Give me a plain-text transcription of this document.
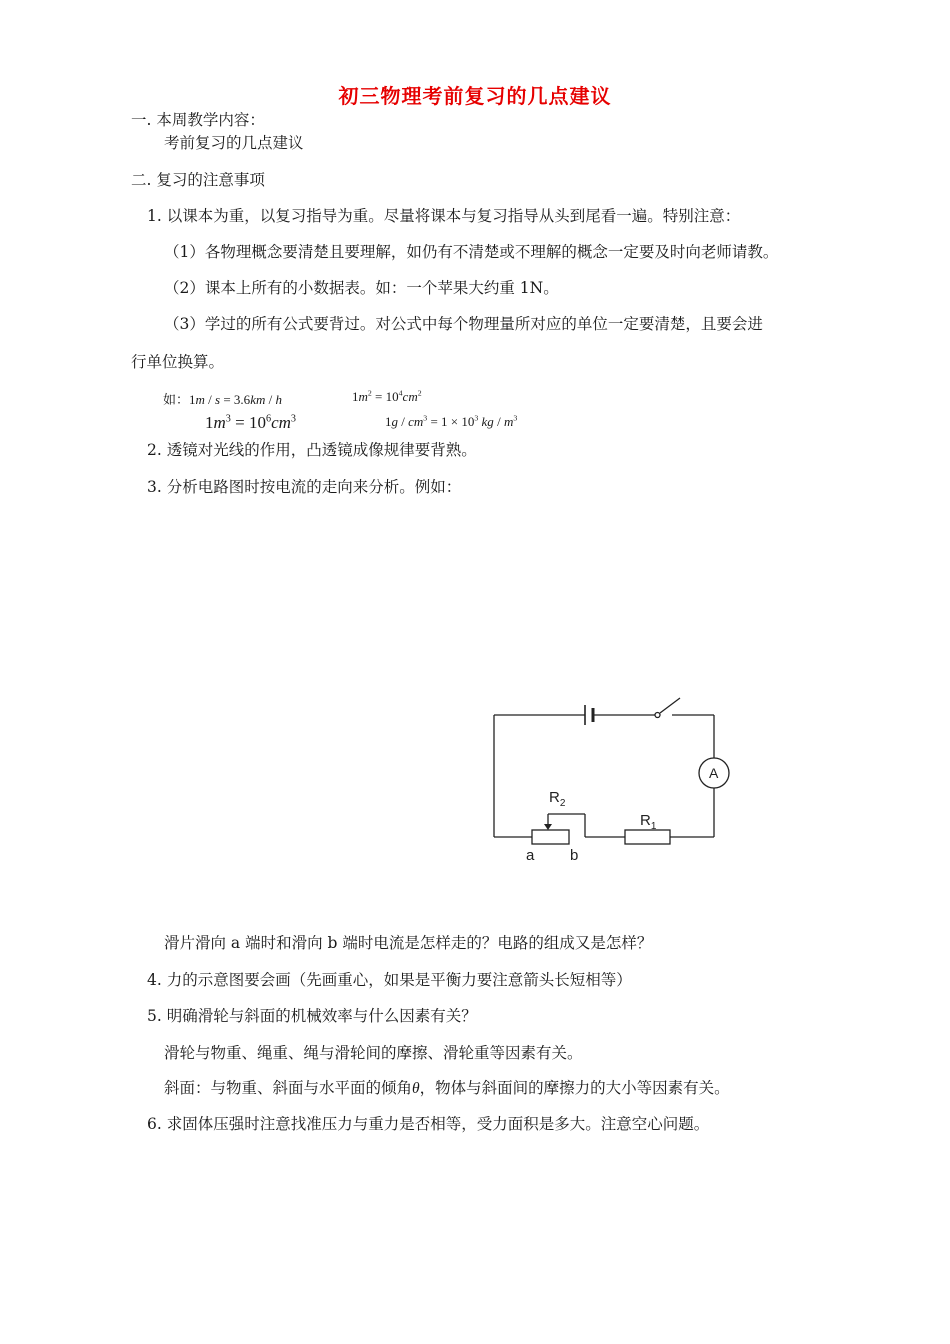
初三物理考前复习的几点建议
一. 本周教学内容：
考前复习的几点建议
二. 复习的注意事项
1. 以课本为重，以复习指导为重。尽量将课本与复习指导从头到尾看一遍。特别注意：
（1）各物理概念要清楚且要理解，如仍有不清楚或不理解的概念一定要及时向老师请教。
（2）课本上所有的小数据表。如：一个苹果大约重 1N。
（3）学过的所有公式要背过。对公式中每个物理量所对应的单位一定要清楚，且要会进
行单位换算。
如：1m / s = 3.6km / h	$1m^2 = 10^4cm^2$
$1m^3 = 10^6cm^3$	$1g / cm^3 = 1 \times 10^3$ kg / $m^3$
2. 透镜对光线的作用，凸透镜成像规律要背熟。
3. 分析电路图时按电流的走向来分析。例如：
A
$R_2$
$R_1$
a b
滑片滑向 a 端时和滑向 b 端时电流是怎样走的？电路的组成又是怎样？
4. 力的示意图要会画（先画重心，如果是平衡力要注意箭头长短相等）
5. 明确滑轮与斜面的机械效率与什么因素有关？
滑轮与物重、绳重、绳与滑轮间的摩擦、滑轮重等因素有关。
斜面：与物重、斜面与水平面的倾角θ，物体与斜面间的摩擦力的大小等因素有关。
6. 求固体压强时注意找准压力与重力是否相等，受力面积是多大。注意空心问题。
